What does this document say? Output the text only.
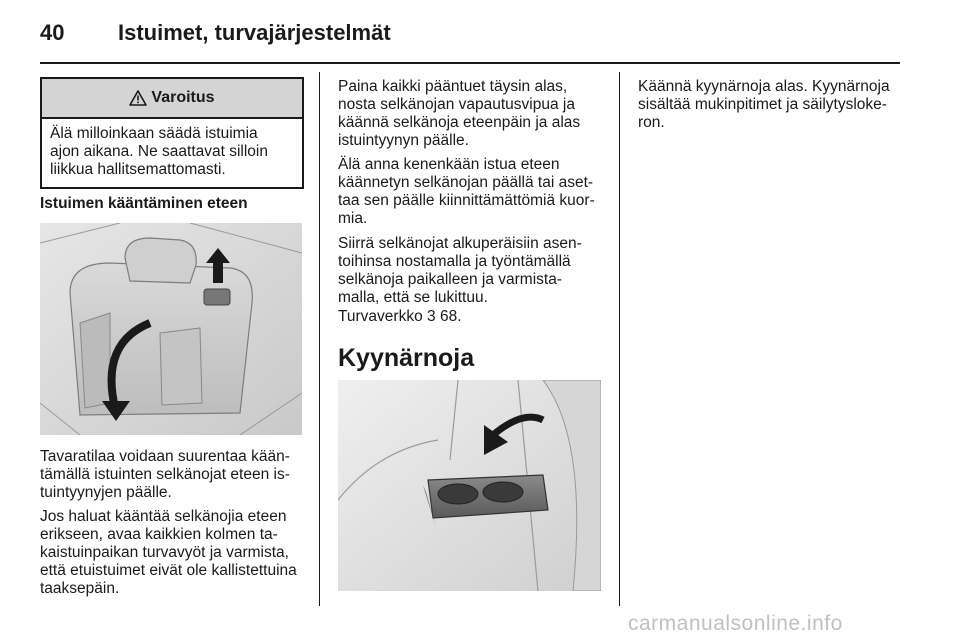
40 Istuimet, turvajärjestelmät
Varoitus
Älä milloinkaan säädä istuimia
ajon aikana. Ne saattavat silloin
liikkua hallitsemattomasti.
Istuimen kääntäminen eteen
Tavaratilaa voidaan suurentaa kään-
tämällä istuinten selkänojat eteen is-
tuintyynyjen päälle.
Jos haluat kääntää selkänojia eteen
erikseen, avaa kaikkien kolmen ta-
kaistuinpaikan turvavyöt ja varmista,
että etuistuimet eivät ole kallistettuina
taaksepäin.
Paina kaikki pääntuet täysin alas,
nosta selkänojan vapautusvipua ja
käännä selkänoja eteenpäin ja alas
istuintyynyn päälle.
Älä anna kenenkään istua eteen
käännetyn selkänojan päällä tai aset-
taa sen päälle kiinnittämättömiä kuor-
mia.
Siirrä selkänojat alkuperäisiin asen-
toihinsa nostamalla ja työntämällä
selkänoja paikalleen ja varmista-
malla, että se lukittuu.
Turvaverkko 3 68.
Kyynärnoja
Käännä kyynärnoja alas. Kyynärnoja
sisältää mukinpitimet ja säilytysloke-
ron.
carmanualsonline.info
